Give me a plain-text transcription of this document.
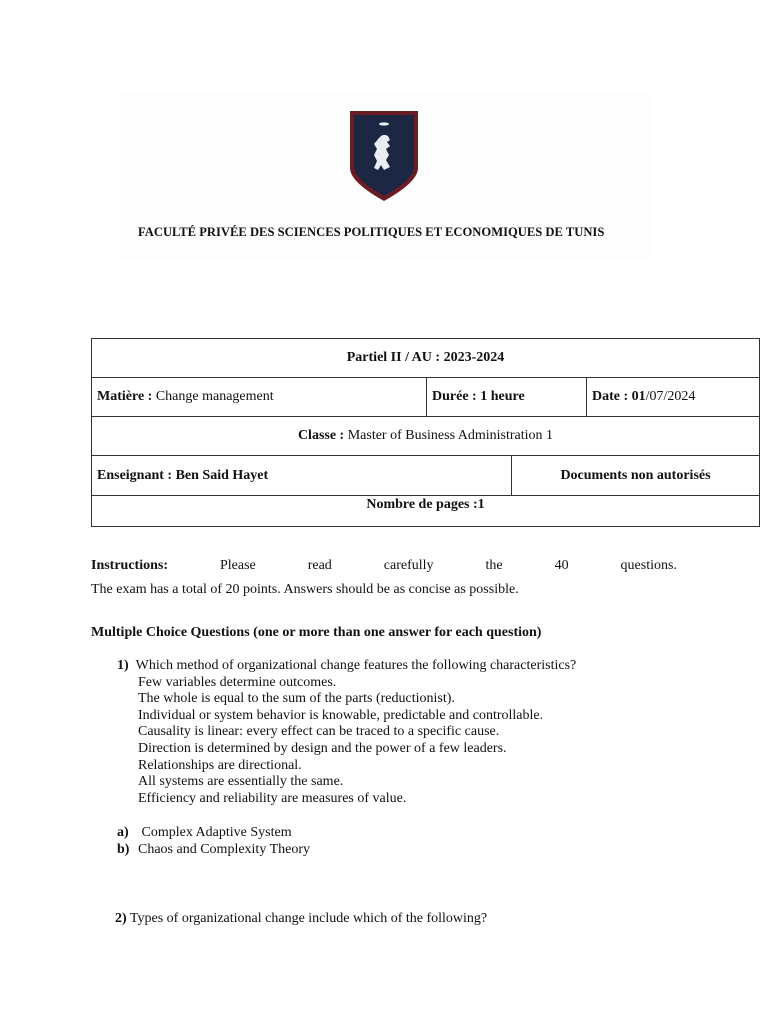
FACULTÉ PRIVÉE DES SCIENCES POLITIQUES ET ECONOMIQUES DE TUNIS
Partiel II / AU : 2023-2024
Matière : Change management	Durée : 1 heure	Date : 01/07/2024
Classe : Master of Business Administration 1

Enseignant : Ben Said Hayet	Documents non autorisés

Nombre de pages :1
Instructions:	Please	read	carefully	the	40	questions.
The exam has a total of 20 points. Answers should be as concise as possible.
Multiple Choice Questions (one or more than one answer for each question)
1) Which method of organizational change features the following characteristics?
Few variables determine outcomes.
The whole is equal to the sum of the parts (reductionist).
Individual or system behavior is knowable, predictable and controllable.
Causality is linear: every effect can be traced to a specific cause.
Direction is determined by design and the power of a few leaders.
Relationships are directional.
All systems are essentially the same.
Efficiency and reliability are measures of value.
a) Complex Adaptive System
b) Chaos and Complexity Theory
2) Types of organizational change include which of the following?
